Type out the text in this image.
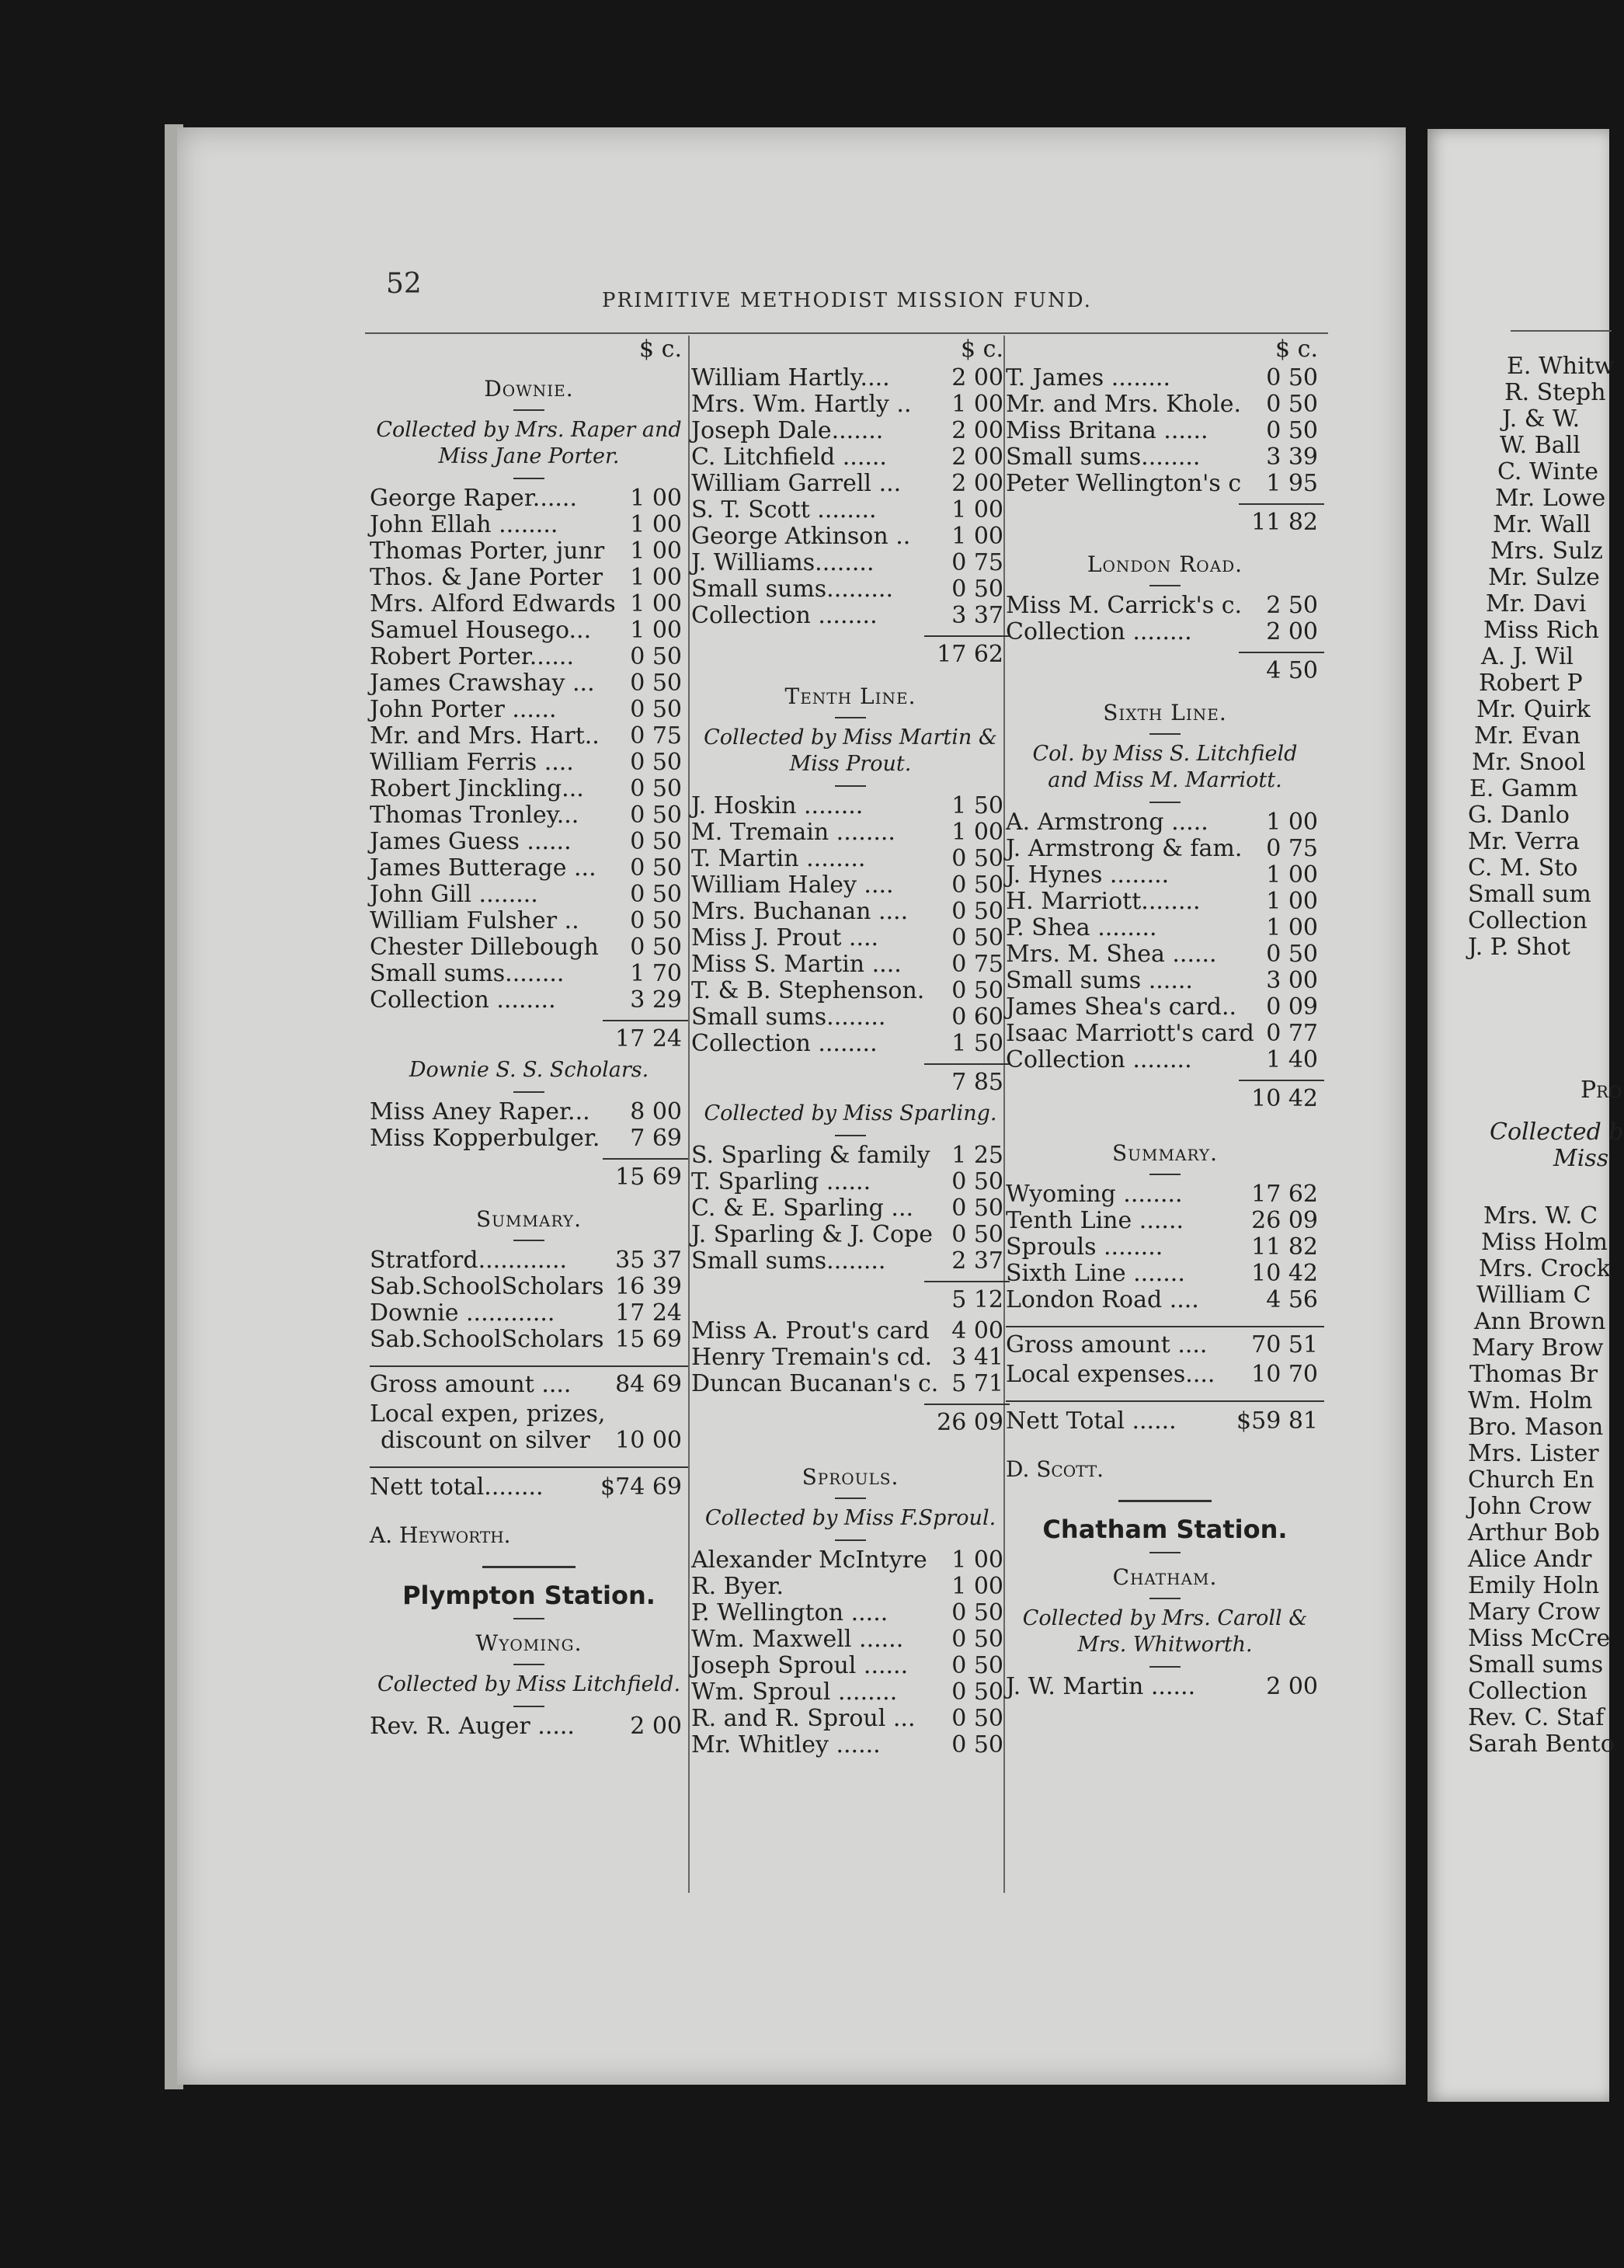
52
PRIMITIVE METHODIST MISSION FUND.
$ c.
Downie.
Collected by Mrs. Raper and
Miss Jane Porter.
George Raper...... 1 00
John Ellah ........	1 00
Thomas Porter, junr 1 00
Thos. & Jane Porter 1 00
Mrs. Alford Edwards 1 00
Samuel Housego... 1 00
Robert Porter...... 0 50
James Crawshay ... 0 50
John Porter ......	0 50
Mr. and Mrs. Hart.. 0 75
William Ferris .... 0 50
Robert Jinckling... 0 50
Thomas Tronley... 0 50
James Guess ......	0 50
James Butterage ... 0 50
John Gill ........	0 50
William Fulsher .. 0 50
Chester Dillebough 0 50
Small sums........	1 70
Collection ........	3 29
17 24
Downie S. S. Scholars.
Miss Aney Raper... 8 00
Miss Kopperbulger. 7 69
15 69
Summary.
Stratford............ 35 37
Sab.SchoolScholars 16 39
Downie ............	17 24
Sab.SchoolScholars 15 69
Gross amount .... 84 69
Local expen, prizes,
discount on silver 10 00
Nett total........ $74 69
A. Heyworth.
Plympton Station.
Wyoming.
Collected by Miss Litchfield.
Rev. R. Auger ..... 2 00
$ c.
William Hartly....	2 00
Mrs. Wm. Hartly .. 1 00
Joseph Dale.......	2 00
C. Litchfield ......	2 00
William Garrell ... 2 00
S. T. Scott ........	1 00
George Atkinson .. 1 00
J. Williams........	0 75
Small sums.........	0 50
Collection ........	3 37
17 62
Tenth Line.
Collected by Miss Martin &
Miss Prout.
J. Hoskin ........	1 50
M. Tremain ........ 1 00
T. Martin ........	0 50
William Haley .... 0 50
Mrs. Buchanan .... 0 50
Miss J. Prout ....	0 50
Miss S. Martin .... 0 75
T. & B. Stephenson. 0 50
Small sums........	0 60
Collection ........	1 50
7 85
Collected by Miss Sparling.
S. Sparling & family 1 25
T. Sparling ......	0 50
C. & E. Sparling ... 0 50
J. Sparling & J. Cope 0 50
Small sums........	2 37
5 12
Miss A. Prout's card 4 00
Henry Tremain's cd. 3 41
Duncan Bucanan's c. 5 71
26 09
Sprouls.
Collected by Miss F.Sproul.
Alexander McIntyre 1 00
R. Byer.	1 00
P. Wellington .....	0 50
Wm. Maxwell ...... 0 50
Joseph Sproul ...... 0 50
Wm. Sproul ........ 0 50
R. and R. Sproul ... 0 50
Mr. Whitley ......	0 50
$ c.
T. James ........	0 50
Mr. and Mrs. Khole. 0 50
Miss Britana ...... 0 50
Small sums........	3 39
Peter Wellington's c 1 95
11 82
London Road.
Miss M. Carrick's c. 2 50
Collection ........	2 00
4 50
Sixth Line.
Col. by Miss S. Litchfield
and Miss M. Marriott.
A. Armstrong ..... 1 00
J. Armstrong & fam. 0 75
J. Hynes ........	1 00
H. Marriott........	1 00
P. Shea ........	1 00
Mrs. M. Shea ...... 0 50
Small sums ......	3 00
James Shea's card.. 0 09
Isaac Marriott's card 0 77
Collection ........	1 40
10 42
Summary.
Wyoming ........	17 62
Tenth Line ......	26 09
Sprouls ........	11 82
Sixth Line .......	10 42
London Road ....	4 56
Gross amount .... 70 51
Local expenses.... 10 70
Nett Total ......	$59 81
D. Scott.
Chatham Station.
Chatham.
Collected by Mrs. Caroll &
Mrs. Whitworth.
J. W. Martin ......	2 00
E. Whitw
R. Steph
J. & W.
W. Ball
C. Winte
Mr. Lowe
Mr. Wall
Mrs. Sulz
Mr. Sulze
Mr. Davi
Miss Rich
A. J. Wil
Robert P
Mr. Quirk
Mr. Evan
Mr. Snool
E. Gamm
G. Danlo
Mr. Verra
C. M. Sto
Small sum
Collection
J. P. Shot
Pro
Collected b
Miss
Mrs. W. C
Miss Holm
Mrs. Crock
William C
Ann Brown
Mary Brow
Thomas Br
Wm. Holm
Bro. Mason
Mrs. Lister
Church En
John Crow
Arthur Bob
Alice Andr
Emily Holn
Mary Crow
Miss McCre
Small sums
Collection
Rev. C. Staf
Sarah Bento
